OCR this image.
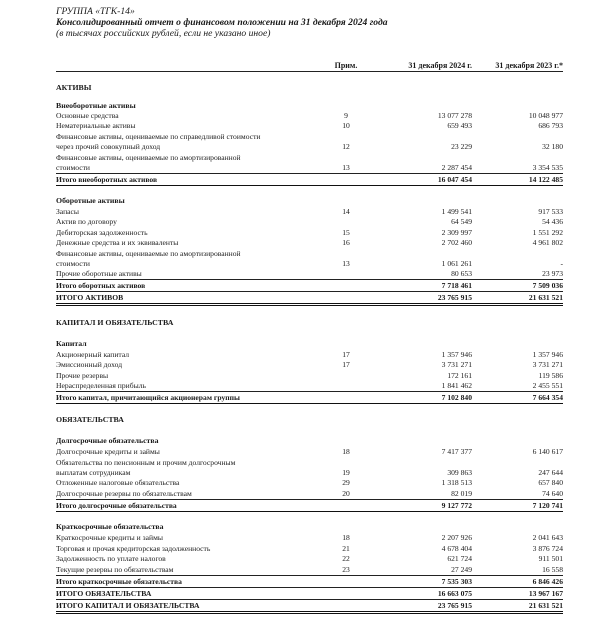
ГРУППА «ТГК-14»
Консолидированный отчет о финансовом положении на 31 декабря 2024 года
(в тысячах российских рублей, если не указано иное)
Прим.	31 декабря 2024 г.	31 декабря 2023 г.*
АКТИВЫ
Внеоборотные активы
Основные средства	9	13 077 278	10 048 977
Нематериальные активы	10	659 493	686 793
Финансовые активы, оцениваемые по справедливой стоимости
через прочий совокупный доход	12	23 229	32 180
Финансовые активы, оцениваемые по амортизированной
стоимости	13	2 287 454	3 354 535
Итого внеоборотных активов	16 047 454	14 122 485
Оборотные активы
Запасы	14	1 499 541	917 533
Актив по договору	64 549	54 436
Дебиторская задолженность	15	2 309 997	1 551 292
Денежные средства и их эквиваленты	16	2 702 460	4 961 802
Финансовые активы, оцениваемые по амортизированной
стоимости	13	1 061 261	-
Прочие оборотные активы	80 653	23 973
Итого оборотных активов	7 718 461	7 509 036
ИТОГО АКТИВОВ	23 765 915	21 631 521
КАПИТАЛ И ОБЯЗАТЕЛЬСТВА
Капитал
Акционерный капитал	17	1 357 946	1 357 946
Эмиссионный доход	17	3 731 271	3 731 271
Прочие резервы	172 161	119 586
Нераспределенная прибыль	1 841 462	2 455 551
Итого капитал, причитающийся акционерам группы	7 102 840	7 664 354
ОБЯЗАТЕЛЬСТВА
Долгосрочные обязательства
Долгосрочные кредиты и займы	18	7 417 377	6 140 617
Обязательства по пенсионным и прочим долгосрочным
выплатам сотрудникам	19	309 863	247 644
Отложенные налоговые обязательства	29	1 318 513	657 840
Долгосрочные резервы по обязательствам	20	82 019	74 640
Итого долгосрочные обязательства	9 127 772	7 120 741
Краткосрочные обязательства
Краткосрочные кредиты и займы	18	2 207 926	2 041 643
Торговая и прочая кредиторская задолженность	21	4 678 404	3 876 724
Задолженность по уплате налогов	22	621 724	911 501
Текущие резервы по обязательствам	23	27 249	16 558
Итого краткосрочные обязательства	7 535 303	6 846 426
ИТОГО ОБЯЗАТЕЛЬСТВА	16 663 075	13 967 167
ИТОГО КАПИТАЛ И ОБЯЗАТЕЛЬСТВА	23 765 915	21 631 521
